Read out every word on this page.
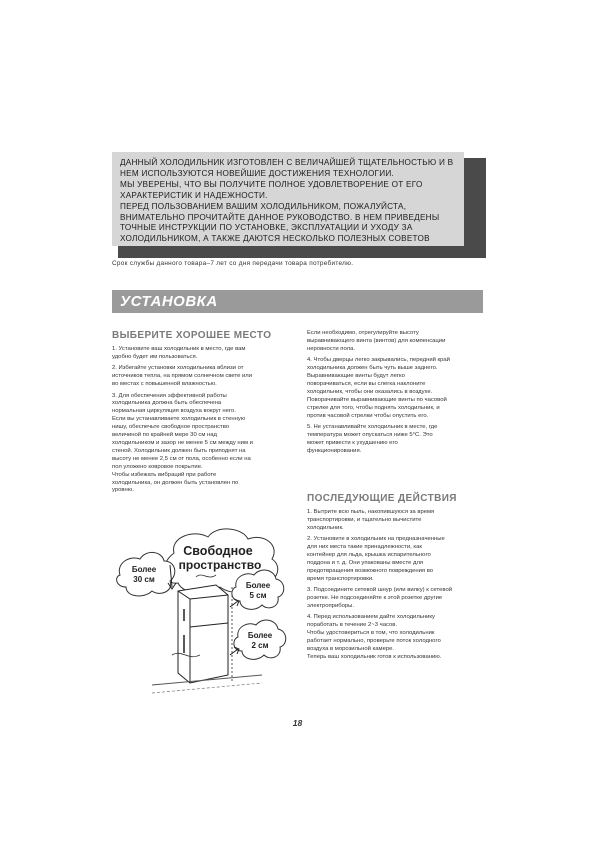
ДАННЫЙ ХОЛОДИЛЬНИК ИЗГОТОВЛЕН С ВЕЛИЧАЙШЕЙ ТЩАТЕЛЬНОСТЬЮ И В
НЕМ ИСПОЛЬЗУЮТСЯ НОВЕЙШИЕ ДОСТИЖЕНИЯ ТЕХНОЛОГИИ.
МЫ УВЕРЕНЫ, ЧТО ВЫ ПОЛУЧИТЕ ПОЛНОЕ УДОВЛЕТВОРЕНИЕ ОТ ЕГО
ХАРАКТЕРИСТИК И НАДЕЖНОСТИ.
ПЕРЕД ПОЛЬЗОВАНИЕМ ВАШИМ ХОЛОДИЛЬНИКОМ, ПОЖАЛУЙСТА,
ВНИМАТЕЛЬНО ПРОЧИТАЙТЕ ДАННОЕ РУКОВОДСТВО. В НЕМ ПРИВЕДЕНЫ
ТОЧНЫЕ ИНСТРУКЦИИ ПО УСТАНОВКЕ, ЭКСПЛУАТАЦИИ И УХОДУ ЗА
ХОЛОДИЛЬНИКОМ, А ТАКЖЕ ДАЮТСЯ НЕСКОЛЬКО ПОЛЕЗНЫХ СОВЕТОВ
Срок службы данного товара–7 лет со дня передачи товара потребителю.
УСТАНОВКА
ВЫБЕРИТЕ ХОРОШЕЕ МЕСТО
1. Установите ваш холодильник в место, где вам
удобно будет им пользоваться.
2. Избегайте установки холодильника вблизи от
источников тепла, на прямом солнечном свете или
во местах с повышенной влажностью.
3. Для обеспечения эффективной работы
холодильника должна быть обеспечена
нормальная циркуляция воздуха вокруг него.
Если вы устанавливаете холодильник в стенную
нишу, обеспечьте свободное пространство
величиной по крайней мере 30 см над
холодильником и зазор не менее 5 см между ним и
стеной. Холодильник должен быть приподнят на
высоту не менее 2,5 см от пола, особенно если на
пол уложено ковровое покрытие.
Чтобы избежать вибраций при работе
холодильника, он должен быть установлен по
уровню.
Свободное
пространство
Более
30 см
Более
5 см
Более
2 см
Если необходимо, отрегулируйте высоту
выравнивающего винта (винтов) для компенсации
неровности пола.
4. Чтобы дверцы легко закрывались, передний край
холодильника должен быть чуть выше заднего.
Выравнивающие винты будут легко
поворачиваться, если вы слегка наклоните
холодильник, чтобы они оказались в воздухе.
Поворачивайте выравнивающие винты по часовой
стрелке для того, чтобы поднять холодильник, и
против часовой стрелки чтобы опустить его.
5. Не устанавливайте холодильник в месте, где
температура может опускаться ниже 5°С. Это
может привести к ухудшению его
функционирования.
ПОСЛЕДУЮЩИЕ ДЕЙСТВИЯ
1. Вытрите всю пыль, накопившуюся за время
транспортировки, и тщательно вычистите
холодильник.
2. Установите в холодильник на предназначенные
для них места такие принадлежности, как
контейнер для льда, крышка испарительного
поддона и т. д. Они упакованы вместе для
предотвращения возможного повреждения во
время транспортировки.
3. Подсоедините сетевой шнур (или вилку) к сетевой
розетке. Не подсоединяйте к этой розетке другие
электроприборы.
4. Перед использованием дайте холодильнику
поработать в течение 2~3 часов.
Чтобы удостовериться в том, что холодильник
работает нормально, проверьте поток холодного
воздуха в морозильной камере.
Теперь ваш холодильник готов к использованию.
18
